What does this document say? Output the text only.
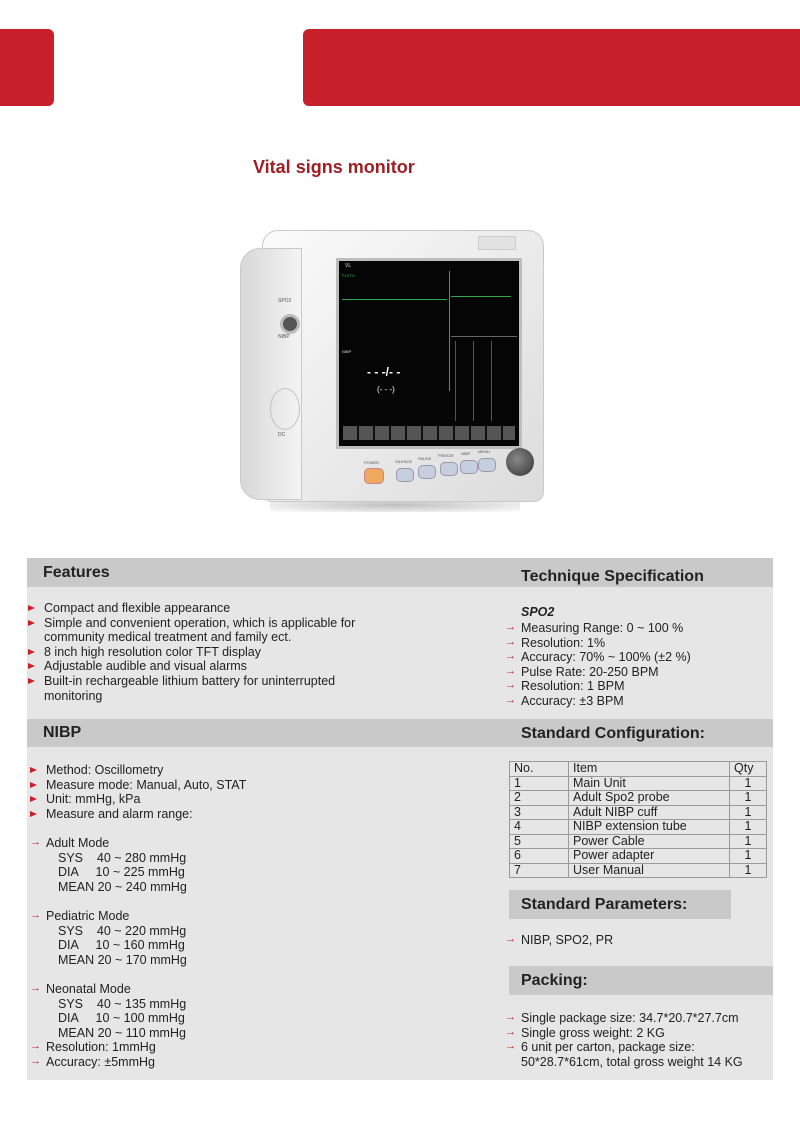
Vital signs monitor
SPO2
NIBP
DC
VL
PLETH
NIBP
- - -/- -
(- - -)
POWER	SILENCE
PAUSE
FREEZE NIBP MENU
Features	Technique Specification
Compact and flexible appearance
Simple and convenient operation, which is applicable for
community medical treatment and family ect.
8 inch high resolution color TFT display
Adjustable audible and visual alarms
Built-in rechargeable lithium battery for uninterrupted
monitoring
SPO2
→ Measuring Range: 0 ~ 100 %
→ Resolution: 1%
→ Accuracy: 70% ~ 100% (±2 %)
→ Pulse Rate: 20-250 BPM
→ Resolution: 1 BPM
→ Accuracy: ±3 BPM
NIBP	Standard Configuration:
Method: Oscillometry
Measure mode: Manual, Auto, STAT
Unit: mmHg, kPa
Measure and alarm range:
→ Adult Mode
SYS    40 ~ 280 mmHg
DIA     10 ~ 225 mmHg
MEAN 20 ~ 240 mmHg
→ Pediatric Mode
SYS    40 ~ 220 mmHg
DIA     10 ~ 160 mmHg
MEAN 20 ~ 170 mmHg
→ Neonatal Mode
SYS    40 ~ 135 mmHg
DIA     10 ~ 100 mmHg
MEAN 20 ~ 110 mmHg
→ Resolution: 1mmHg
→ Accuracy: ±5mmHg
No.	Item	Qty
1	Main Unit	1
2	Adult Spo2 probe	1
3	Adult NIBP cuff	1
4	NIBP extension tube	1
5	Power Cable	1
6	Power adapter	1
7	User Manual	1
Standard Parameters:
→ NIBP, SPO2, PR
Packing:
→ Single package size: 34.7*20.7*27.7cm
→ Single gross weight: 2 KG
→ 6 unit per carton, package size:
50*28.7*61cm, total gross weight 14 KG
